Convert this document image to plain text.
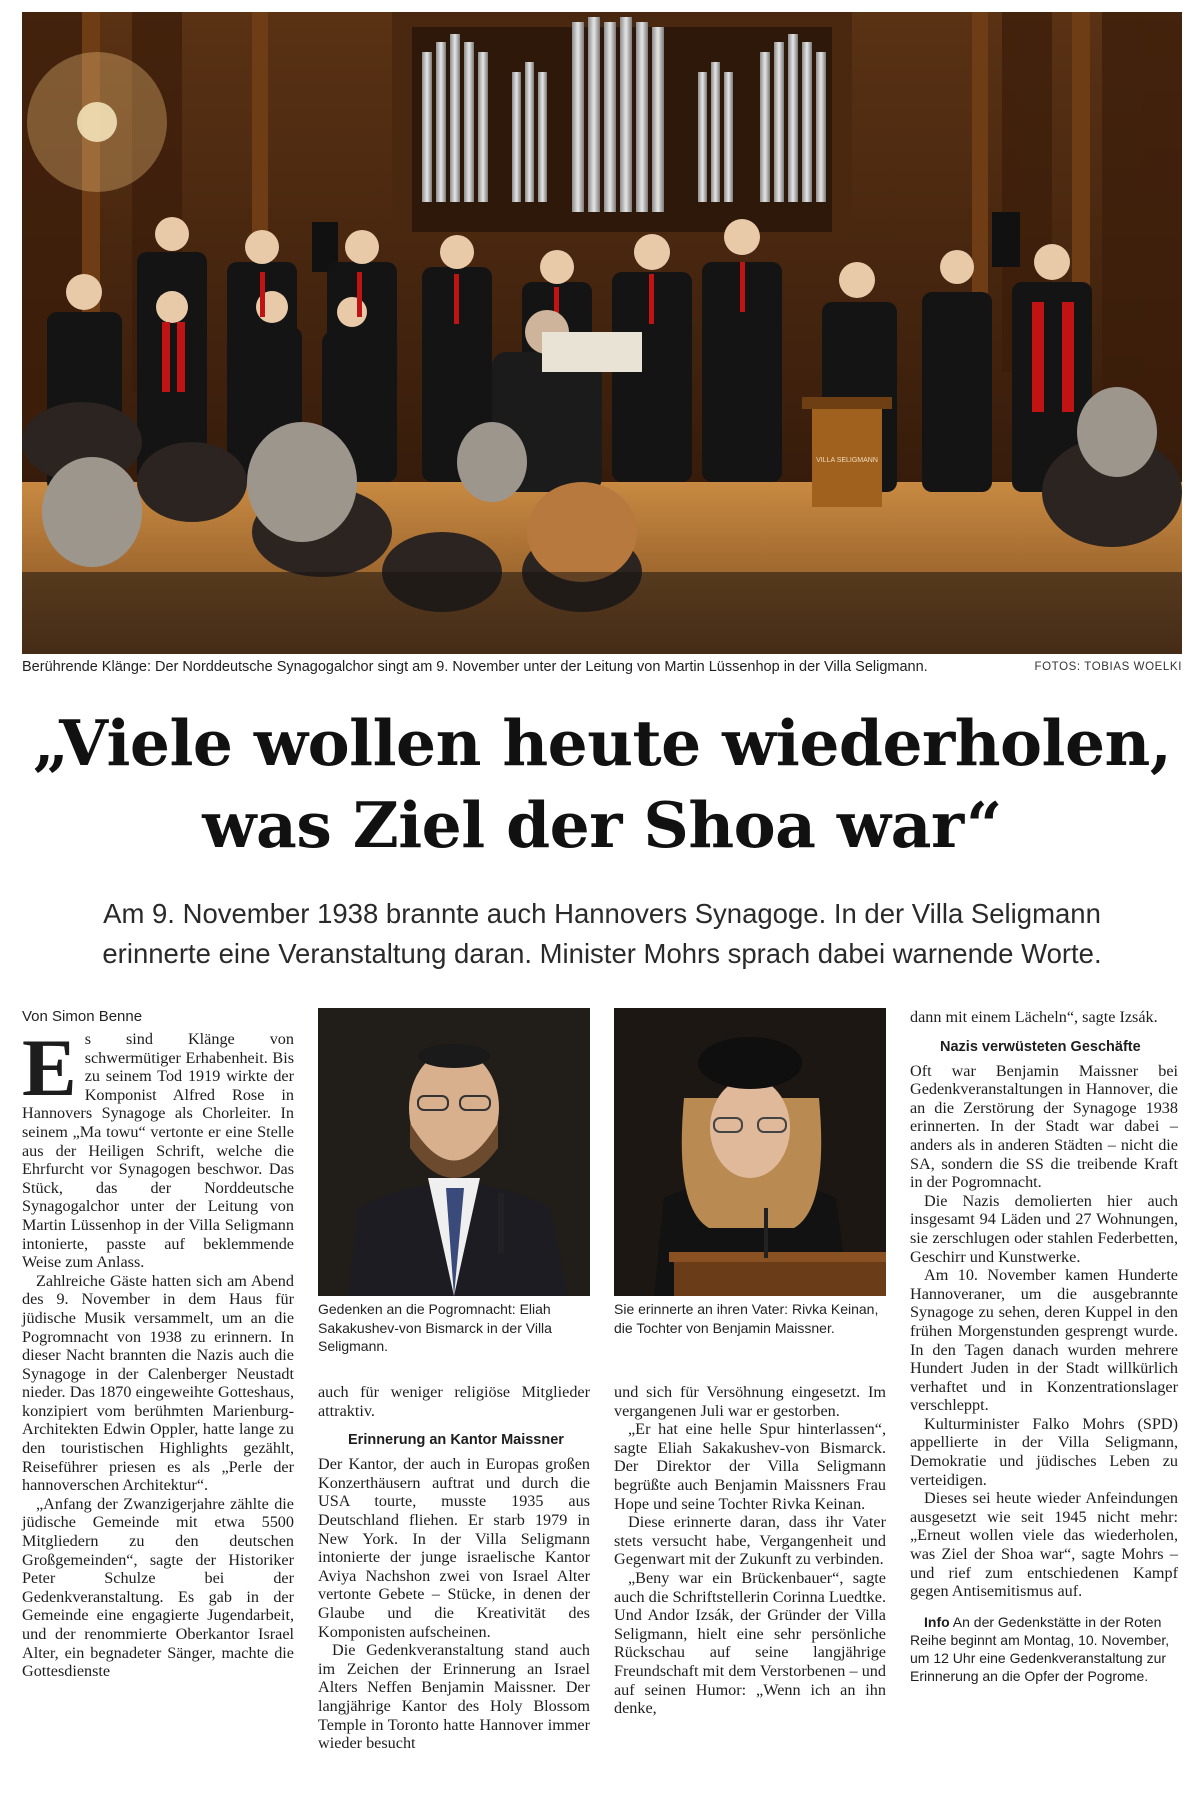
VILLA SELIGMANN
Berührende Klänge: Der Norddeutsche Synagogalchor singt am 9. November unter der Leitung von Martin Lüssenhop in der Villa Seligmann.	FOTOS: TOBIAS WOELKI
„Viele wollen heute wiederholen,
was Ziel der Shoa war“
Am 9. November 1938 brannte auch Hannovers Synagoge. In der Villa Seligmann
erinnerte eine Veranstaltung daran. Minister Mohrs sprach dabei warnende Worte.
Von Simon Benne

Es sind Klänge von schwermütiger Erhabenheit. Bis zu seinem Tod 1919 wirkte der Komponist Alfred Rose in Hannovers Synagoge als Chorleiter. In seinem „Ma towu“ vertonte er eine Stelle aus der Heiligen Schrift, welche die Ehrfurcht vor Synagogen beschwor. Das Stück, das der Norddeutsche Synagogalchor unter der Leitung von Martin Lüssenhop in der Villa Seligmann intonierte, passte auf beklemmende Weise zum Anlass.

Zahlreiche Gäste hatten sich am Abend des 9. November in dem Haus für jüdische Musik versammelt, um an die Pogromnacht von 1938 zu erinnern. In dieser Nacht brannten die Nazis auch die Synagoge in der Calenberger Neustadt nieder. Das 1870 eingeweihte Gotteshaus, konzipiert vom berühmten Marienburg-Architekten Edwin Oppler, hatte lange zu den touristischen Highlights gezählt, Reiseführer priesen es als „Perle der hannoverschen Architektur“.

„Anfang der Zwanzigerjahre zählte die jüdische Gemeinde mit etwa 5500 Mitgliedern zu den deutschen Großgemeinden“, sagte der Historiker Peter Schulze bei der Gedenkveranstaltung. Es gab in der Gemeinde eine engagierte Jugendarbeit, und der renommierte Oberkantor Israel Alter, ein begnadeter Sänger, machte die Gottesdienste

Gedenken an die Pogromnacht: Eliah Sakakushev-von Bismarck in der Villa Seligmann.
Sie erinnerte an ihren Vater: Rivka Keinan, die Tochter von Benjamin Maissner.

auch für weniger religiöse Mitglieder attraktiv.

Erinnerung an Kantor Maissner

Der Kantor, der auch in Europas großen Konzerthäusern auftrat und durch die USA tourte, musste 1935 aus Deutschland fliehen. Er starb 1979 in New York. In der Villa Seligmann intonierte der junge israelische Kantor Aviya Nachshon zwei von Israel Alter vertonte Gebete – Stücke, in denen der Glaube und die Kreativität des Komponisten aufscheinen.

Die Gedenkveranstaltung stand auch im Zeichen der Erinnerung an Israel Alters Neffen Benjamin Maissner. Der langjährige Kantor des Holy Blossom Temple in Toronto hatte Hannover immer wieder besucht

und sich für Versöhnung eingesetzt. Im vergangenen Juli war er gestorben.

„Er hat eine helle Spur hinterlassen“, sagte Eliah Sakakushev-von Bismarck. Der Direktor der Villa Seligmann begrüßte auch Benjamin Maissners Frau Hope und seine Tochter Rivka Keinan.

Diese erinnerte daran, dass ihr Vater stets versucht habe, Vergangenheit und Gegenwart mit der Zukunft zu verbinden.

„Beny war ein Brückenbauer“, sagte auch die Schriftstellerin Corinna Luedtke. Und Andor Izsák, der Gründer der Villa Seligmann, hielt eine sehr persönliche Rückschau auf seine langjährige Freundschaft mit dem Verstorbenen – und auf seinen Humor: „Wenn ich an ihn denke,

dann mit einem Lächeln“, sagte Izsák.

Nazis verwüsteten Geschäfte

Oft war Benjamin Maissner bei Gedenkveranstaltungen in Hannover, die an die Zerstörung der Synagoge 1938 erinnerten. In der Stadt war dabei – anders als in anderen Städten – nicht die SA, sondern die SS die treibende Kraft in der Pogromnacht.

Die Nazis demolierten hier auch insgesamt 94 Läden und 27 Wohnungen, sie zerschlugen oder stahlen Federbetten, Geschirr und Kunstwerke.

Am 10. November kamen Hunderte Hannoveraner, um die ausgebrannte Synagoge zu sehen, deren Kuppel in den frühen Morgenstunden gesprengt wurde. In den Tagen danach wurden mehrere Hundert Juden in der Stadt willkürlich verhaftet und in Konzentrationslager verschleppt.

Kulturminister Falko Mohrs (SPD) appellierte in der Villa Seligmann, Demokratie und jüdisches Leben zu verteidigen.

Dieses sei heute wieder Anfeindungen ausgesetzt wie seit 1945 nicht mehr: „Erneut wollen viele das wiederholen, was Ziel der Shoa war“, sagte Mohrs – und rief zum entschiedenen Kampf gegen Antisemitismus auf.

Info An der Gedenkstätte in der Roten Reihe beginnt am Montag, 10. November, um 12 Uhr eine Gedenkveranstaltung zur Erinnerung an die Opfer der Pogrome.
